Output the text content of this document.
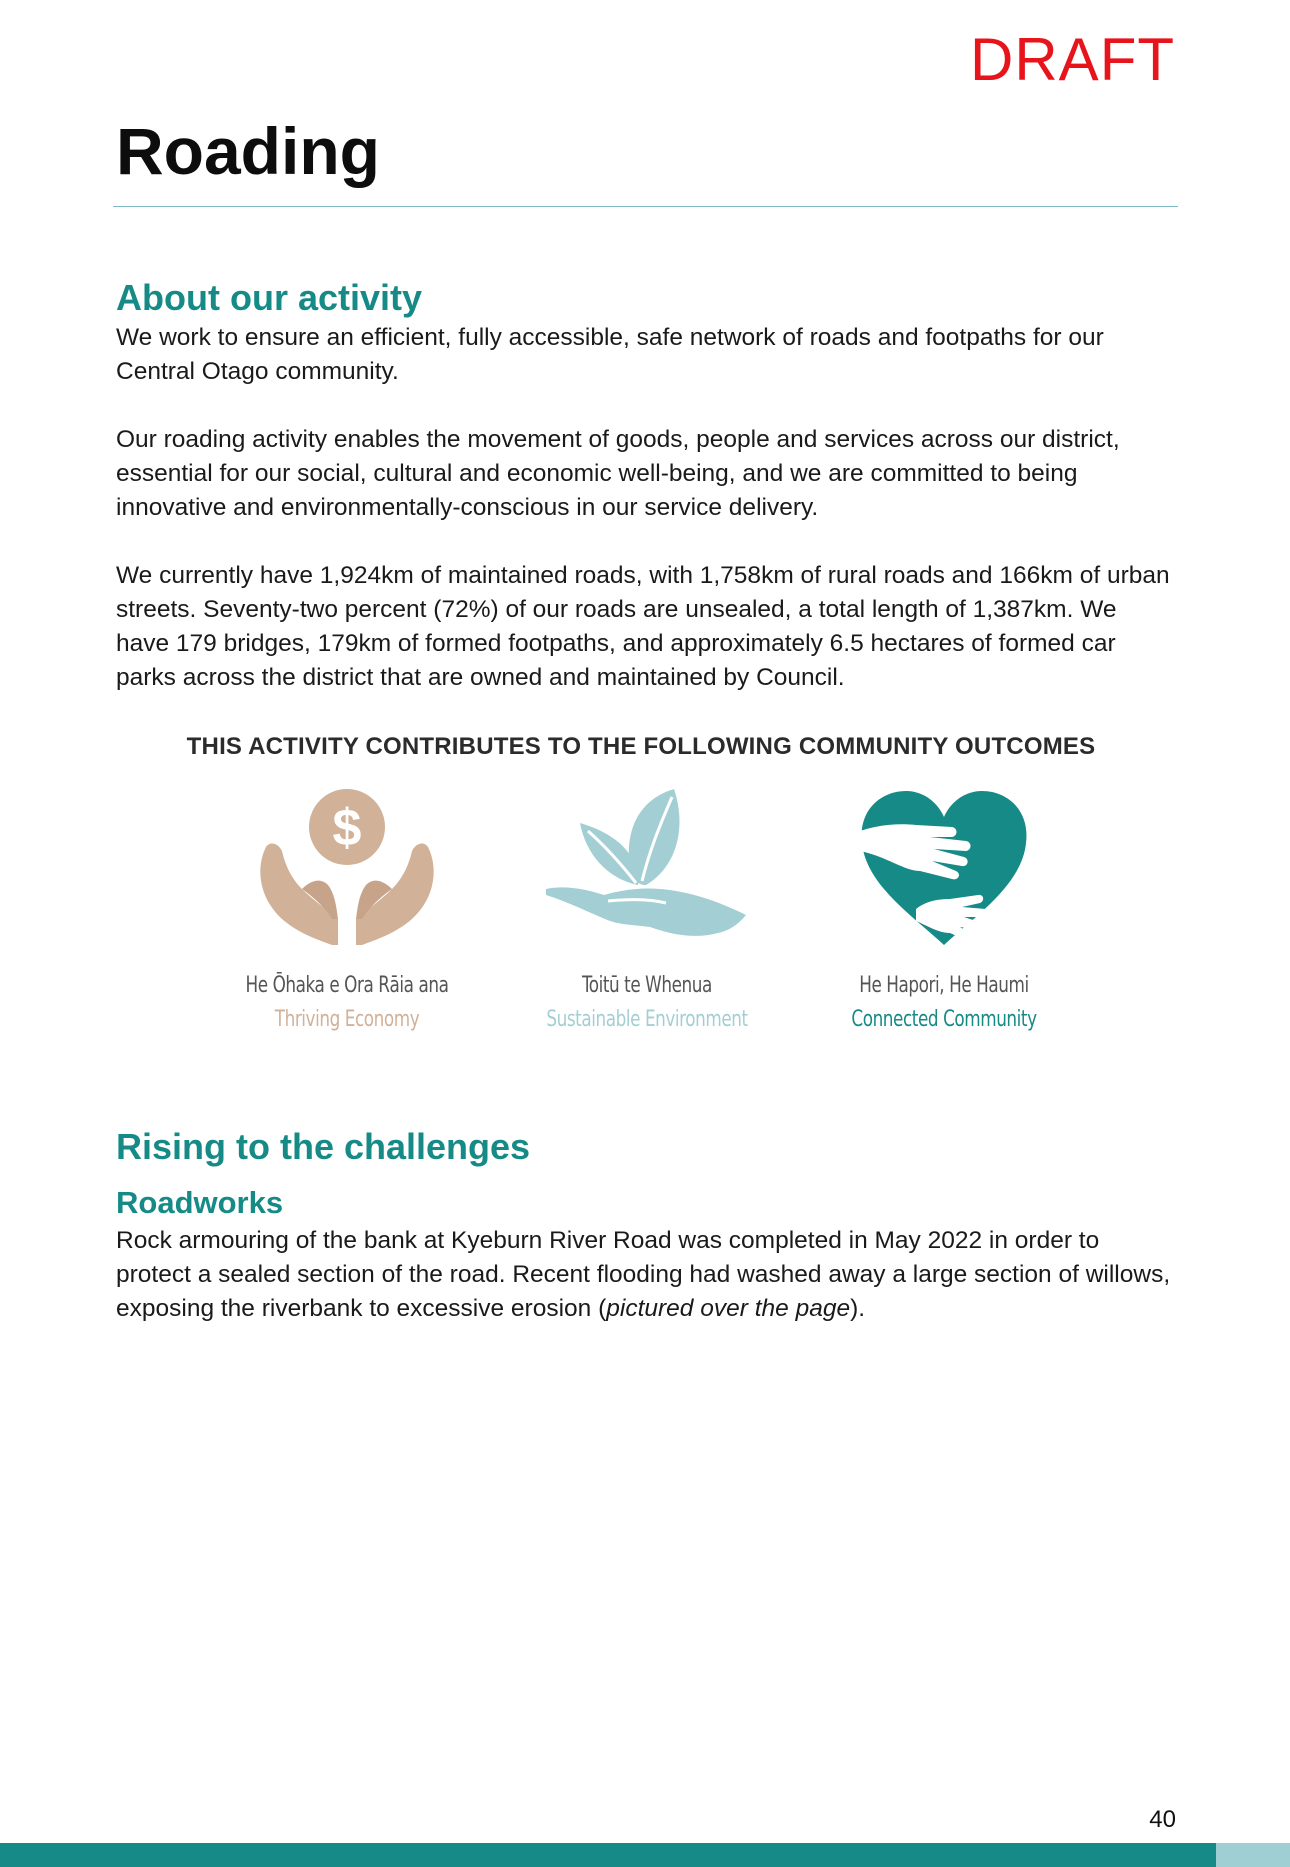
DRAFT
Roading
About our activity

We work to ensure an efficient, fully accessible, safe network of roads and footpaths for our Central Otago community.

Our roading activity enables the movement of goods, people and services across our district, essential for our social, cultural and economic well-being, and we are committed to being innovative and environmentally-conscious in our service delivery.

We currently have 1,924km of maintained roads, with 1,758km of rural roads and 166km of urban streets. Seventy-two percent (72%) of our roads are unsealed, a total length of 1,387km. We have 179 bridges, 179km of formed footpaths, and approximately 6.5 hectares of formed car parks across the district that are owned and maintained by Council.

THIS ACTIVITY CONTRIBUTES TO THE FOLLOWING COMMUNITY OUTCOMES
$
He Ōhaka e Ora Rāia ana
Thriving Economy
Toitū te Whenua
Sustainable Environment
He Hapori, He Haumi
Connected Community
Rising to the challenges
Roadworks

Rock armouring of the bank at Kyeburn River Road was completed in May 2022 in order to protect a sealed section of the road. Recent flooding had washed away a large section of willows, exposing the riverbank to excessive erosion (pictured over the page).

40
